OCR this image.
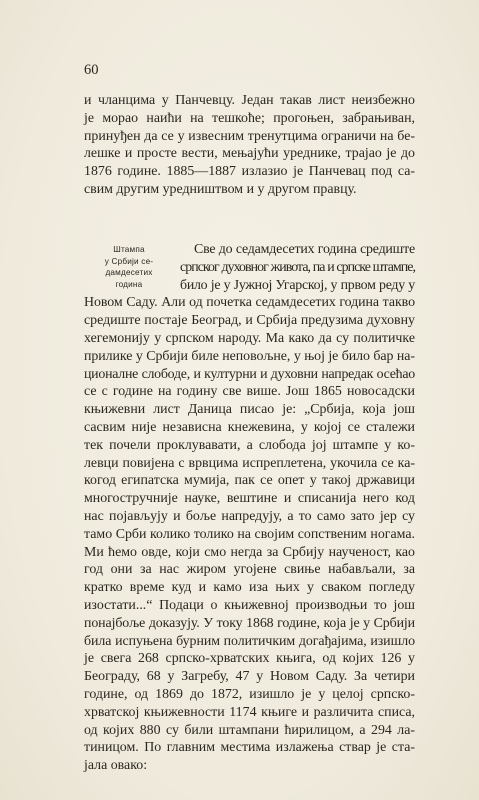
60
и чланцима у Панчевцу. Један такав лист неизбежно
је морао наићи на тешкоће; прогоњен, забрањиван,
принуђен да се у извесним тренутцима ограничи на бе-
лешке и просте вести, мењајући уреднике, трајао је до
1876 године. 1885—1887 излазио је Панчевац под са-
свим другим уредништвом и у другом правцу.
Штампа
у Србији се-
дамдесетих
година
Све до седамдесетих година средиште
српског духовног живота, па и српске штампе,
било је у Јужној Угарској, у првом реду у
Новом Саду. Али од почетка седамдесетих година такво
средиште постаје Београд, и Србија предузима духовну
хегемонију у српском народу. Ма како да су политичке
прилике у Србији биле неповољне, у њој је било бар на-
ционалне слободе, и културни и духовни напредак осећао
се с године на годину све више. Још 1865 новосадски
књижевни лист Даница писао је: „Србија, која још
сасвим није независна кнежевина, у којој се сталежи
тек почели проклувавати, а слобода јој штампе у ко-
левци повијена с врвцима испреплетена, укочила се ка-
когод египатска мумија, пак се опет у такој државици
многостручније науке, вештине и списанија него код
нас појављују и боље напредују, а то само зато јер су
тамо Срби колико толико на својим сопственим ногама.
Ми ћемо овде, који смо негда за Србију наученост, као
год они за нас жиром угојене свиње набављали, за
кратко време куд и камо иза њих у сваком погледу
изостати...“ Подаци о књижевној производњи то још
понајбоље доказују. У току 1868 године, која је у Србији
била испуњена бурним политичким догађајима, изишло
је свега 268 српско-хрватских књига, од којих 126 у
Београду, 68 у Загребу, 47 у Новом Саду. За четири
године, од 1869 до 1872, изишло је у целој српско-
хрватској књижевности 1174 књиге и различита списа,
од којих 880 су били штампани ћирилицом, а 294 ла-
тиницом. По главним местима излажења ствар је ста-
јала овако:
